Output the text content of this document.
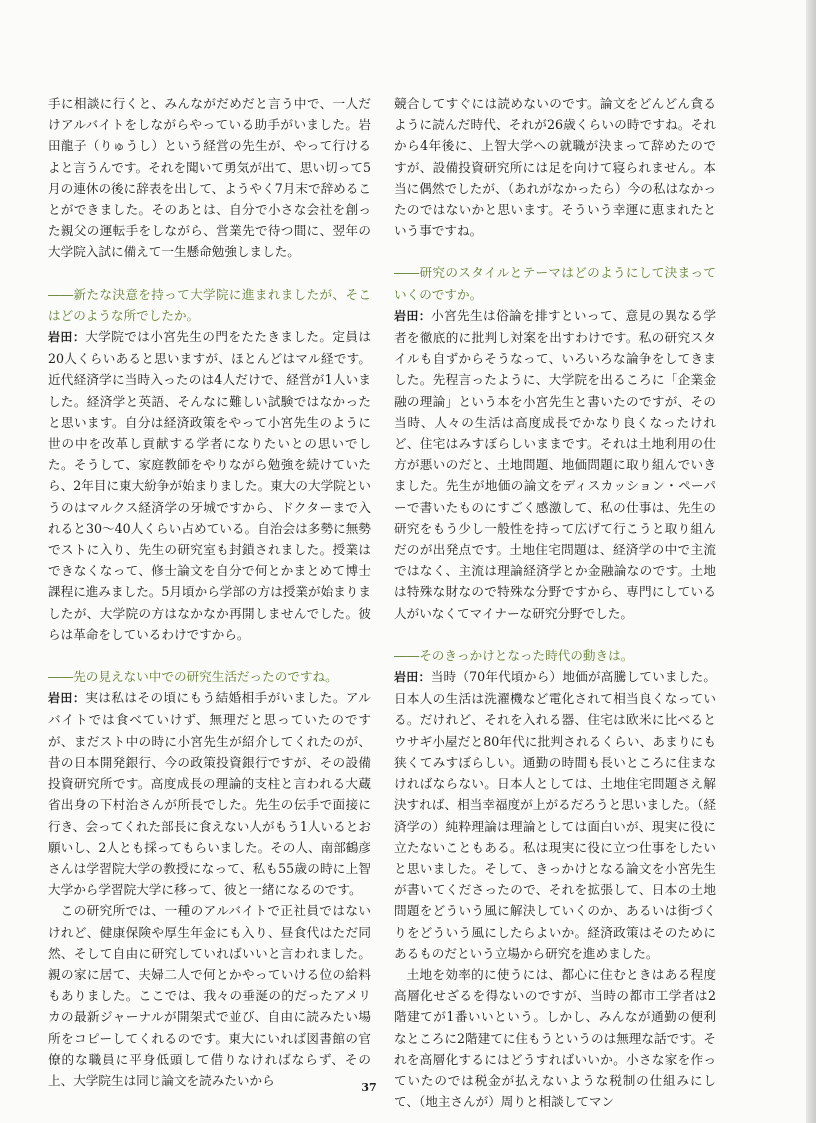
手に相談に行くと、みんながだめだと言う中で、一人だけアルバイトをしながらやっている助手がいました。岩田龍子（りゅうし）という経営の先生が、やって行けるよと言うんです。それを聞いて勇気が出て、思い切って5月の連休の後に辞表を出して、ようやく7月末で辞めることができました。そのあとは、自分で小さな会社を創った親父の運転手をしながら、営業先で待つ間に、翌年の大学院入試に備えて一生懸命勉強しました。

――新たな決意を持って大学院に進まれましたが、そこはどのような所でしたか。

岩田：大学院では小宮先生の門をたたきました。定員は20人くらいあると思いますが、ほとんどはマル経です。近代経済学に当時入ったのは4人だけで、経営が1人いました。経済学と英語、そんなに難しい試験ではなかったと思います。自分は経済政策をやって小宮先生のように世の中を改革し貢献する学者になりたいとの思いでした。そうして、家庭教師をやりながら勉強を続けていたら、2年目に東大紛争が始まりました。東大の大学院というのはマルクス経済学の牙城ですから、ドクターまで入れると30～40人くらい占めている。自治会は多勢に無勢でストに入り、先生の研究室も封鎖されました。授業はできなくなって、修士論文を自分で何とかまとめて博士課程に進みました。5月頃から学部の方は授業が始まりましたが、大学院の方はなかなか再開しませんでした。彼らは革命をしているわけですから。

――先の見えない中での研究生活だったのですね。

岩田：実は私はその頃にもう結婚相手がいました。アルバイトでは食べていけず、無理だと思っていたのですが、まだスト中の時に小宮先生が紹介してくれたのが、昔の日本開発銀行、今の政策投資銀行ですが、その設備投資研究所です。高度成長の理論的支柱と言われる大蔵省出身の下村治さんが所長でした。先生の伝手で面接に行き、会ってくれた部長に食えない人がもう1人いるとお願いし、2人とも採ってもらいました。その人、南部鶴彦さんは学習院大学の教授になって、私も55歳の時に上智大学から学習院大学に移って、彼と一緒になるのです。

この研究所では、一種のアルバイトで正社員ではないけれど、健康保険や厚生年金にも入り、昼食代はただ同然、そして自由に研究していればいいと言われました。親の家に居て、夫婦二人で何とかやっていける位の給料もありました。ここでは、我々の垂涎の的だったアメリカの最新ジャーナルが開架式で並び、自由に読みたい場所をコピーしてくれるのです。東大にいれば図書館の官僚的な職員に平身低頭して借りなければならず、その上、大学院生は同じ論文を読みたいから

競合してすぐには読めないのです。論文をどんどん貪るように読んだ時代、それが26歳くらいの時ですね。それから4年後に、上智大学への就職が決まって辞めたのですが、設備投資研究所には足を向けて寝られません。本当に偶然でしたが、（あれがなかったら）今の私はなかったのではないかと思います。そういう幸運に恵まれたという事ですね。

――研究のスタイルとテーマはどのようにして決まっていくのですか。

岩田：小宮先生は俗論を排すといって、意見の異なる学者を徹底的に批判し対案を出すわけです。私の研究スタイルも自ずからそうなって、いろいろな論争をしてきました。先程言ったように、大学院を出るころに「企業金融の理論」という本を小宮先生と書いたのですが、その当時、人々の生活は高度成長でかなり良くなったけれど、住宅はみすぼらしいままです。それは土地利用の仕方が悪いのだと、土地問題、地価問題に取り組んでいきました。先生が地価の論文をディスカッション・ペーパーで書いたものにすごく感激して、私の仕事は、先生の研究をもう少し一般性を持って広げて行こうと取り組んだのが出発点です。土地住宅問題は、経済学の中で主流ではなく、主流は理論経済学とか金融論なのです。土地は特殊な財なので特殊な分野ですから、専門にしている人がいなくてマイナーな研究分野でした。

――そのきっかけとなった時代の動きは。

岩田：当時（70年代頃から）地価が高騰していました。日本人の生活は洗濯機など電化されて相当良くなっている。だけれど、それを入れる器、住宅は欧米に比べるとウサギ小屋だと80年代に批判されるくらい、あまりにも狭くてみすぼらしい。通勤の時間も長いところに住まなければならない。日本人としては、土地住宅問題さえ解決すれば、相当幸福度が上がるだろうと思いました。（経済学の）純粋理論は理論としては面白いが、現実に役に立たないこともある。私は現実に役に立つ仕事をしたいと思いました。そして、きっかけとなる論文を小宮先生が書いてくださったので、それを拡張して、日本の土地問題をどういう風に解決していくのか、あるいは街づくりをどういう風にしたらよいか。経済政策はそのためにあるものだという立場から研究を進めました。

土地を効率的に使うには、都心に住むときはある程度高層化せざるを得ないのですが、当時の都市工学者は2階建てが1番いいという。しかし、みんなが通勤の便利なところに2階建てに住もうというのは無理な話です。それを高層化するにはどうすればいいか。小さな家を作っていたのでは税金が払えないような税制の仕組みにして、（地主さんが）周りと相談してマン

37
